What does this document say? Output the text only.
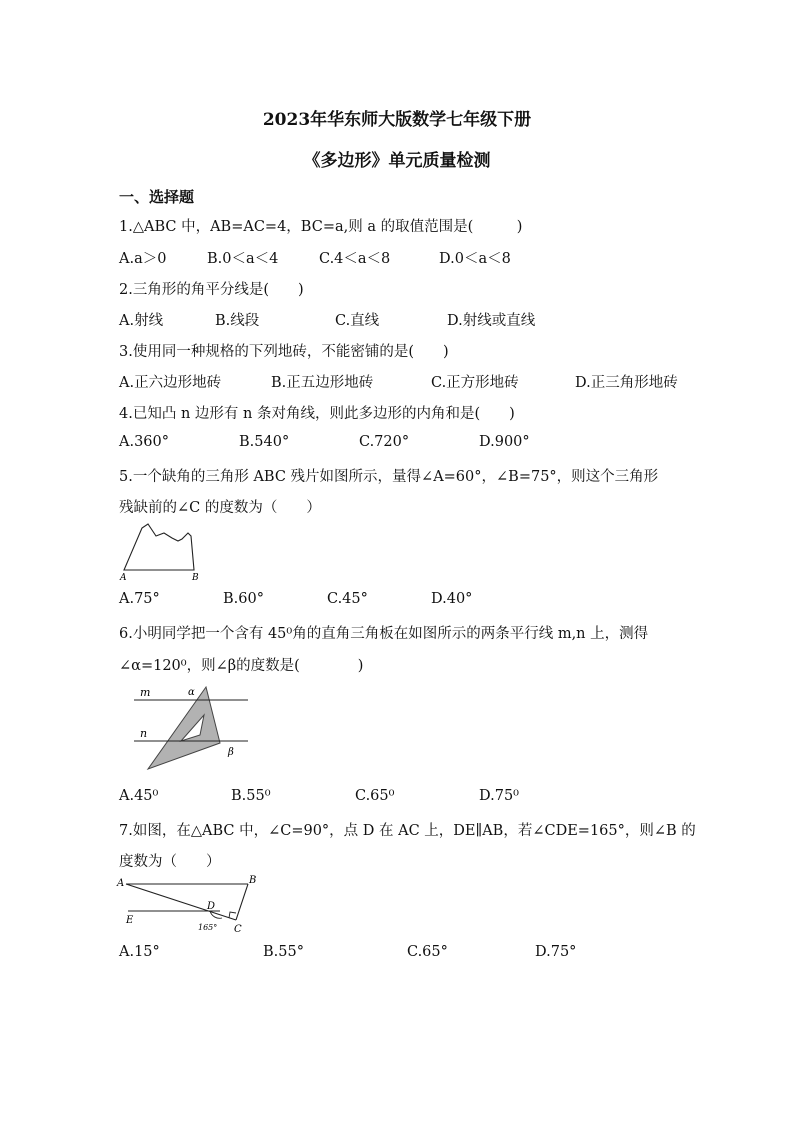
2023年华东师大版数学七年级下册
《多边形》单元质量检测
一、选择题
1.△ABC 中，AB=AC=4，BC=a,则 a 的取值范围是(　　　)
A.a＞0	B.0＜a＜4	C.4＜a＜8	D.0＜a＜8
2.三角形的角平分线是(　　)
A.射线	B.线段	C.直线	D.射线或直线
3.使用同一种规格的下列地砖，不能密铺的是(　　)
A.正六边形地砖	B.正五边形地砖	C.正方形地砖	D.正三角形地砖
4.已知凸 n 边形有 n 条对角线，则此多边形的内角和是(　　)
A.360°	B.540°	C.720°	D.900°
5.一个缺角的三角形 ABC 残片如图所示，量得∠A=60°，∠B=75°，则这个三角形
残缺前的∠C 的度数为（　　）
A	B
A.75°	B.60°	C.45°	D.40°
6.小明同学把一个含有 45⁰角的直角三角板在如图所示的两条平行线 m,n 上，测得
∠α=120⁰，则∠β的度数是(　　　　)
m
n
α
β
A.45⁰	B.55⁰	C.65⁰	D.75⁰
7.如图，在△ABC 中，∠C=90°，点 D 在 AC 上，DE∥AB，若∠CDE=165°，则∠B 的
度数为（　　）
A	B
D
E
C
165°
A.15°	B.55°	C.65°	D.75°
